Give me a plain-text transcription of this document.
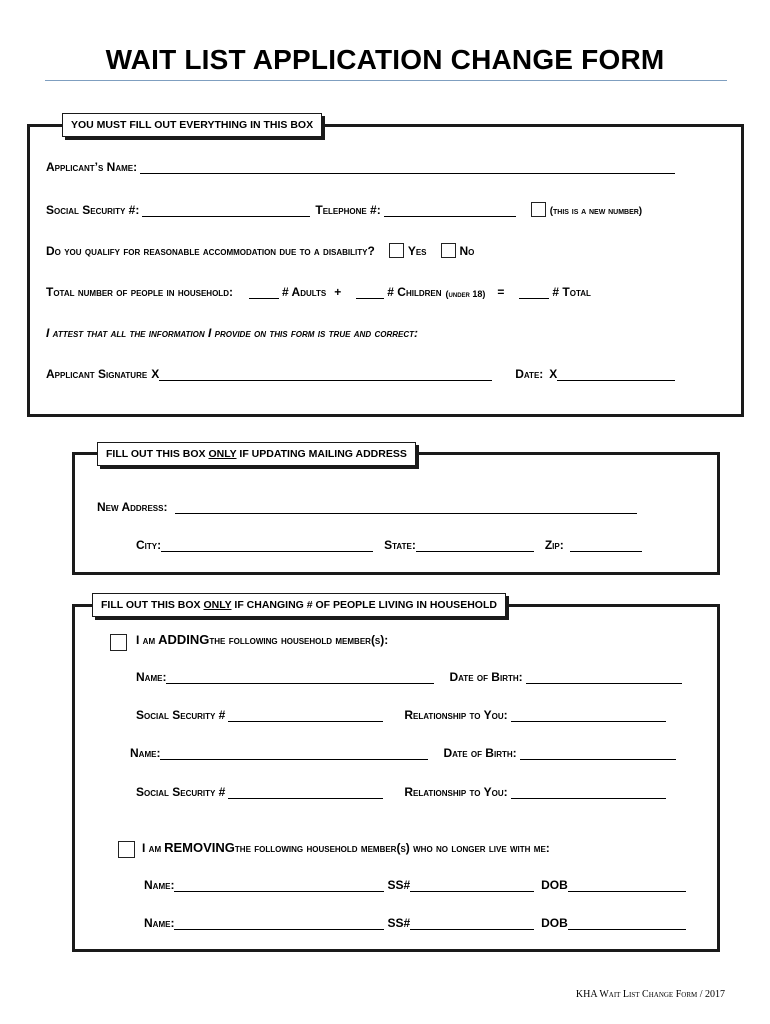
WAIT LIST APPLICATION CHANGE FORM
YOU MUST FILL OUT EVERYTHING IN THIS BOX
Applicant’s Name:
Social Security #:	Telephone #:	(this is a new number)
Do you qualify for reasonable accommodation due to a disability?	Yes	No
Total number of people in household:	# Adults +	# Children (under 18) =	# Total
I attest that all the information I provide on this form is true and correct:
Applicant Signature X	Date: X
FILL OUT THIS BOX ONLY IF UPDATING MAILING ADDRESS
New Address:
City:	State:	Zip:
FILL OUT THIS BOX ONLY IF CHANGING # OF PEOPLE LIVING IN HOUSEHOLD
I am ADDING the following household member(s):
Name:	Date of Birth:
Social Security #	Relationship to You:
Name:	Date of Birth:
Social Security #	Relationship to You:
I am REMOVING the following household member(s) who no longer live with me:
Name:	SS#	DOB
Name:	SS#	DOB
KHA Wait List Change Form / 2017
